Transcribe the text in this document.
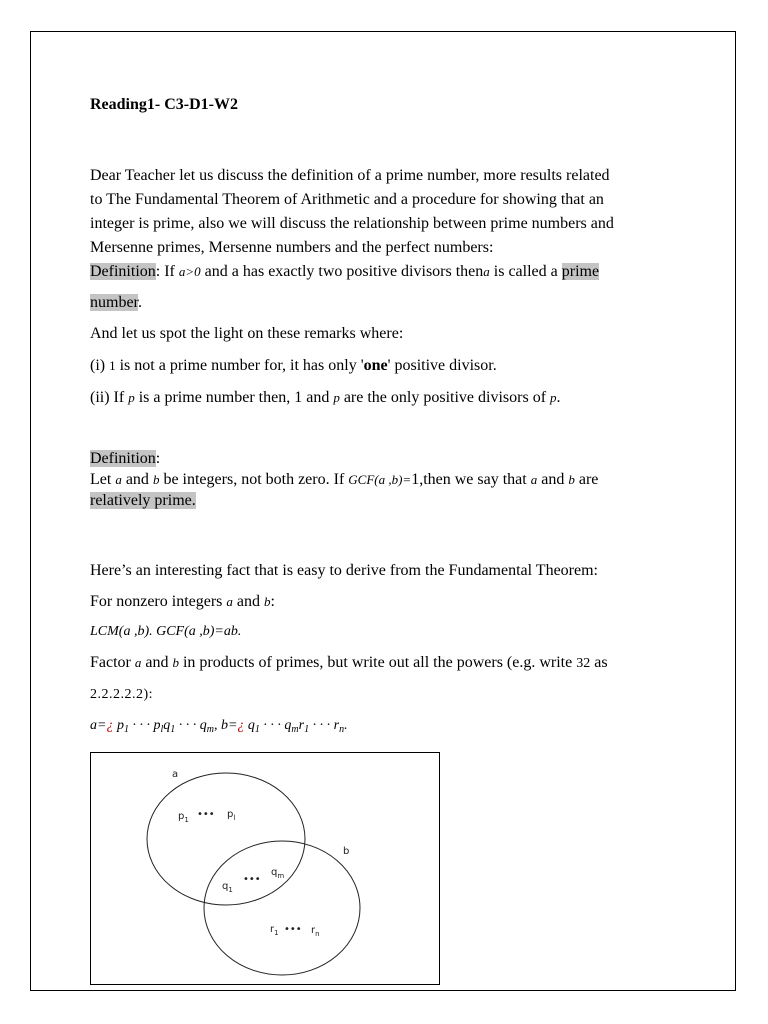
Reading1- C3-D1-W2
Dear Teacher let us discuss the definition of a prime number, more results related
to The Fundamental Theorem of Arithmetic and a procedure for showing that an
integer is prime, also we will discuss the relationship between prime numbers and
Mersenne primes, Mersenne numbers and the perfect numbers:
Definition: If a>0 and a has exactly two positive divisors thena is called a prime
number.
And let us spot the light on these remarks where:
(i) 1 is not a prime number for, it has only 'one' positive divisor.
(ii) If p is a prime number then, 1 and p are the only positive divisors of p.
Definition:
Let a and b be integers, not both zero. If GCF(a ,b)=1,then we say that a and b are
relatively prime.
Here’s an interesting fact that is easy to derive from the Fundamental Theorem:
For nonzero integers a and b:
LCM(a ,b). GCF(a ,b)=ab.
Factor a and b in products of primes, but write out all the powers (e.g. write 32 as
2.2.2.2.2):
a=¿ $p_1$ · · · $p_lq_1$ · · · $q_m$, b=¿ $q_1$ · · · $q_mr_1$ · · · $r_n$.
a
b
$p_1$ ••• $p_l$
$q_1$
•••
$q_m$
$r_1$ ••• $r_n$
